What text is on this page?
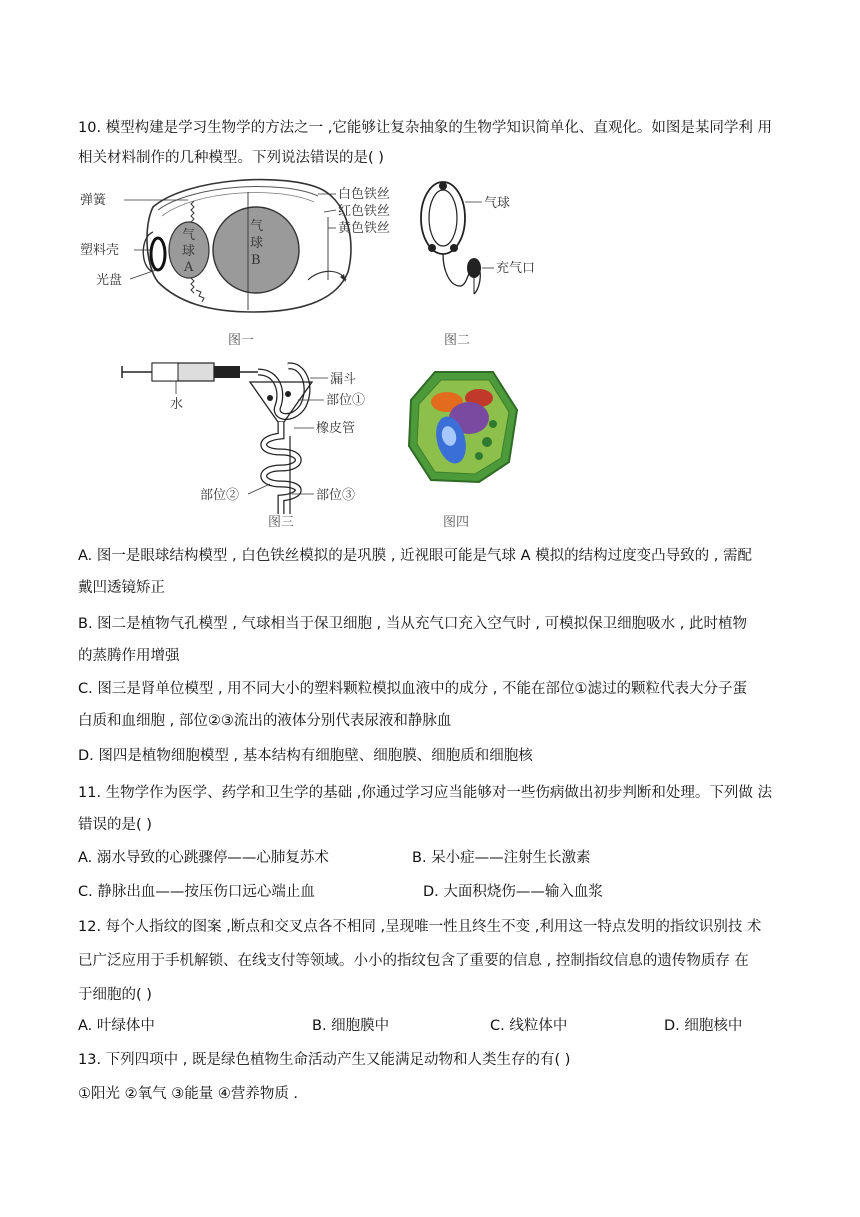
10. 模型构建是学习生物学的方法之一 ,它能够让复杂抽象的生物学知识简单化、直观化。如图是某同学利 用
相关材料制作的几种模型。下列说法错误的是( )
弹簧
塑料壳
光盘
白色铁丝
红色铁丝
黄色铁丝
气
球
A
气
球
B
图一
气球
充气口
图二
水
漏斗
部位①
橡皮管
部位②	部位③
图三	图四
A. 图一是眼球结构模型 , 白色铁丝模拟的是巩膜 , 近视眼可能是气球 A 模拟的结构过度变凸导致的 , 需配
戴凹透镜矫正
B. 图二是植物气孔模型 , 气球相当于保卫细胞 , 当从充气口充入空气时 , 可模拟保卫细胞吸水 , 此时植物
的蒸腾作用增强
C. 图三是肾单位模型 , 用不同大小的塑料颗粒模拟血液中的成分 , 不能在部位①滤过的颗粒代表大分子蛋
白质和血细胞 , 部位②③流出的液体分别代表尿液和静脉血
D. 图四是植物细胞模型 , 基本结构有细胞壁、细胞膜、细胞质和细胞核
11. 生物学作为医学、药学和卫生学的基础 ,你通过学习应当能够对一些伤病做出初步判断和处理。下列做 法
错误的是( )
A. 溺水导致的心跳骤停——心肺复苏术	B. 呆小症——注射生长激素
C. 静脉出血——按压伤口远心端止血	D. 大面积烧伤——输入血浆
12. 每个人指纹的图案 ,断点和交叉点各不相同 ,呈现唯一性且终生不变 ,利用这一特点发明的指纹识别技 术
已广泛应用于手机解锁、在线支付等领域。小小的指纹包含了重要的信息 , 控制指纹信息的遗传物质存 在
于细胞的( )
A. 叶绿体中	B. 细胞膜中	C. 线粒体中	D. 细胞核中
13. 下列四项中 , 既是绿色植物生命活动产生又能满足动物和人类生存的有( )
①阳光 ②氧气 ③能量 ④营养物质 .
